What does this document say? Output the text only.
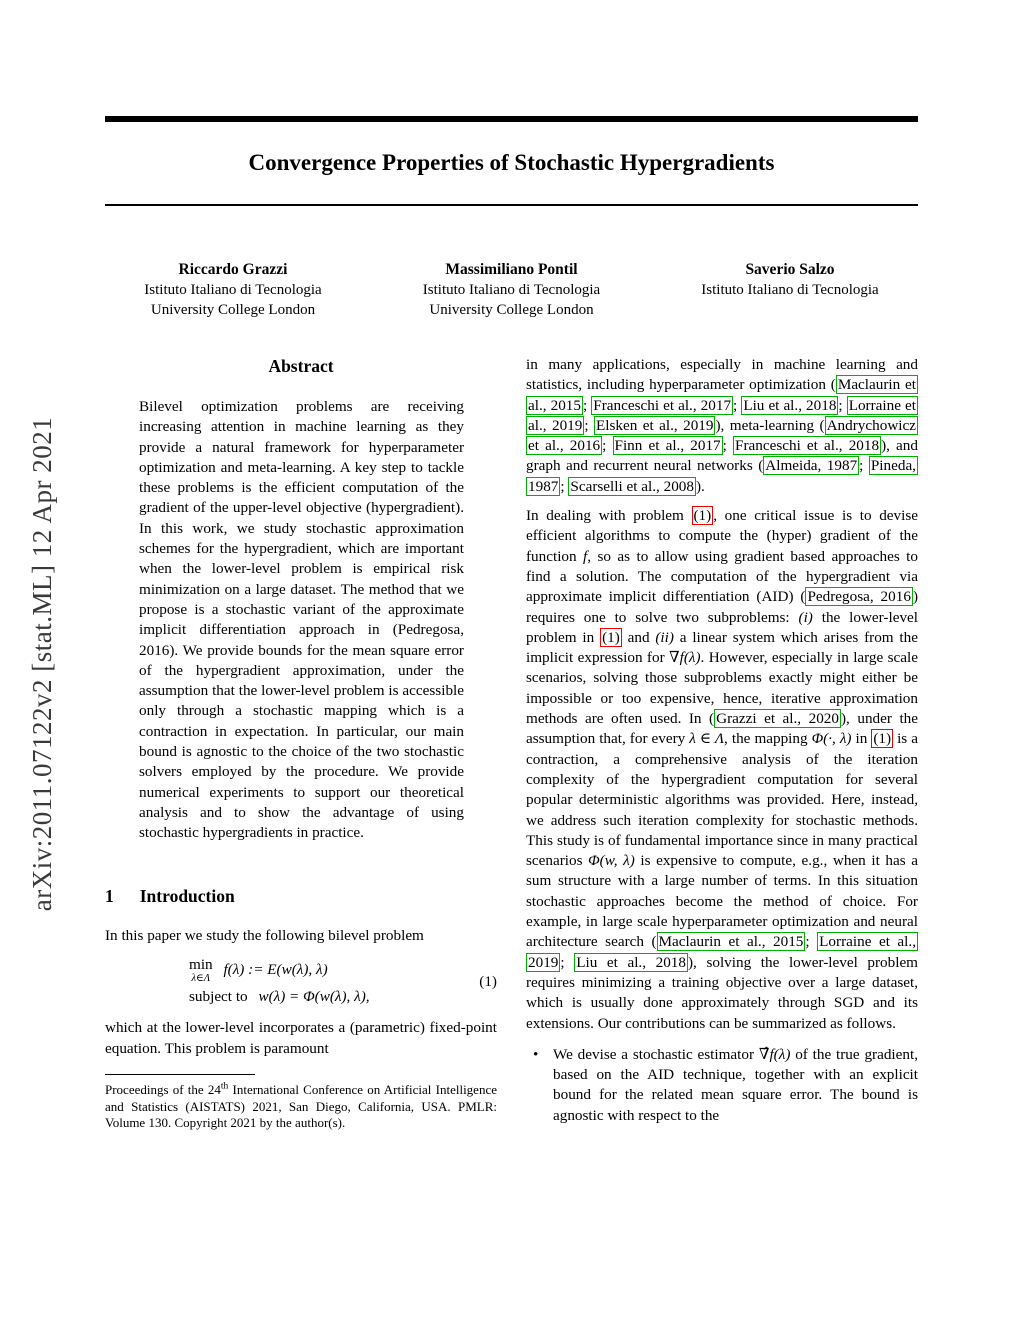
arXiv:2011.07122v2 [stat.ML] 12 Apr 2021
Convergence Properties of Stochastic Hypergradients
Riccardo Grazzi
Istituto Italiano di Tecnologia
University College London
Massimiliano Pontil
Istituto Italiano di Tecnologia
University College London
Saverio Salzo
Istituto Italiano di Tecnologia
Abstract
Bilevel optimization problems are receiving increasing attention in machine learning as they provide a natural framework for hyperparameter optimization and meta-learning. A key step to tackle these problems is the efficient computation of the gradient of the upper-level objective (hypergradient). In this work, we study stochastic approximation schemes for the hypergradient, which are important when the lower-level problem is empirical risk minimization on a large dataset. The method that we propose is a stochastic variant of the approximate implicit differentiation approach in (Pedregosa, 2016). We provide bounds for the mean square error of the hypergradient approximation, under the assumption that the lower-level problem is accessible only through a stochastic mapping which is a contraction in expectation. In particular, our main bound is agnostic to the choice of the two stochastic solvers employed by the procedure. We provide numerical experiments to support our theoretical analysis and to show the advantage of using stochastic hypergradients in practice.
1 Introduction

In this paper we study the following bilevel problem

min
λ∈Λ
f(λ) := E(w(λ), λ)
subject to w(λ) = Φ(w(λ), λ),
(1)

which at the lower-level incorporates a (parametric) fixed-point equation. This problem is paramount

Proceedings of the 24th International Conference on Artificial Intelligence and Statistics (AISTATS) 2021, San Diego, California, USA. PMLR: Volume 130. Copyright 2021 by the author(s).

in many applications, especially in machine learning and statistics, including hyperparameter optimization ( Maclaurin et al., 2015 ; Franceschi et al., 2017 ; Liu et al., 2018 ; Lorraine et al., 2019 ; Elsken et al., 2019 ), meta-learning ( Andrychowicz et al., 2016 ; Finn et al., 2017 ; Franceschi et al., 2018 ), and graph and recurrent neural networks ( Almeida, 1987 ; Pineda, 1987 ; Scarselli et al., 2008 ).

In dealing with problem (1) , one critical issue is to devise efficient algorithms to compute the (hyper) gradient of the function f, so as to allow using gradient based approaches to find a solution. The computation of the hypergradient via approximate implicit differentiation (AID) ( Pedregosa, 2016 ) requires one to solve two subproblems: (i) the lower-level problem in (1) and (ii) a linear system which arises from the implicit expression for ∇f(λ). However, especially in large scale scenarios, solving those subproblems exactly might either be impossible or too expensive, hence, iterative approximation methods are often used. In ( Grazzi et al., 2020 ), under the assumption that, for every λ ∈ Λ, the mapping Φ(·, λ) in (1) is a contraction, a comprehensive analysis of the iteration complexity of the hypergradient computation for several popular deterministic algorithms was provided. Here, instead, we address such iteration complexity for stochastic methods. This study is of fundamental importance since in many practical scenarios Φ(w, λ) is expensive to compute, e.g., when it has a sum structure with a large number of terms. In this situation stochastic approaches become the method of choice. For example, in large scale hyperparameter optimization and neural architecture search ( Maclaurin et al., 2015 ; Lorraine et al., 2019 ; Liu et al., 2018 ), solving the lower-level problem requires minimizing a training objective over a large dataset, which is usually done approximately through SGD and its extensions. Our contributions can be summarized as follows.

• We devise a stochastic estimator ∇̂f(λ) of the true gradient, based on the AID technique, together with an explicit bound for the related mean square error. The bound is agnostic with respect to the
